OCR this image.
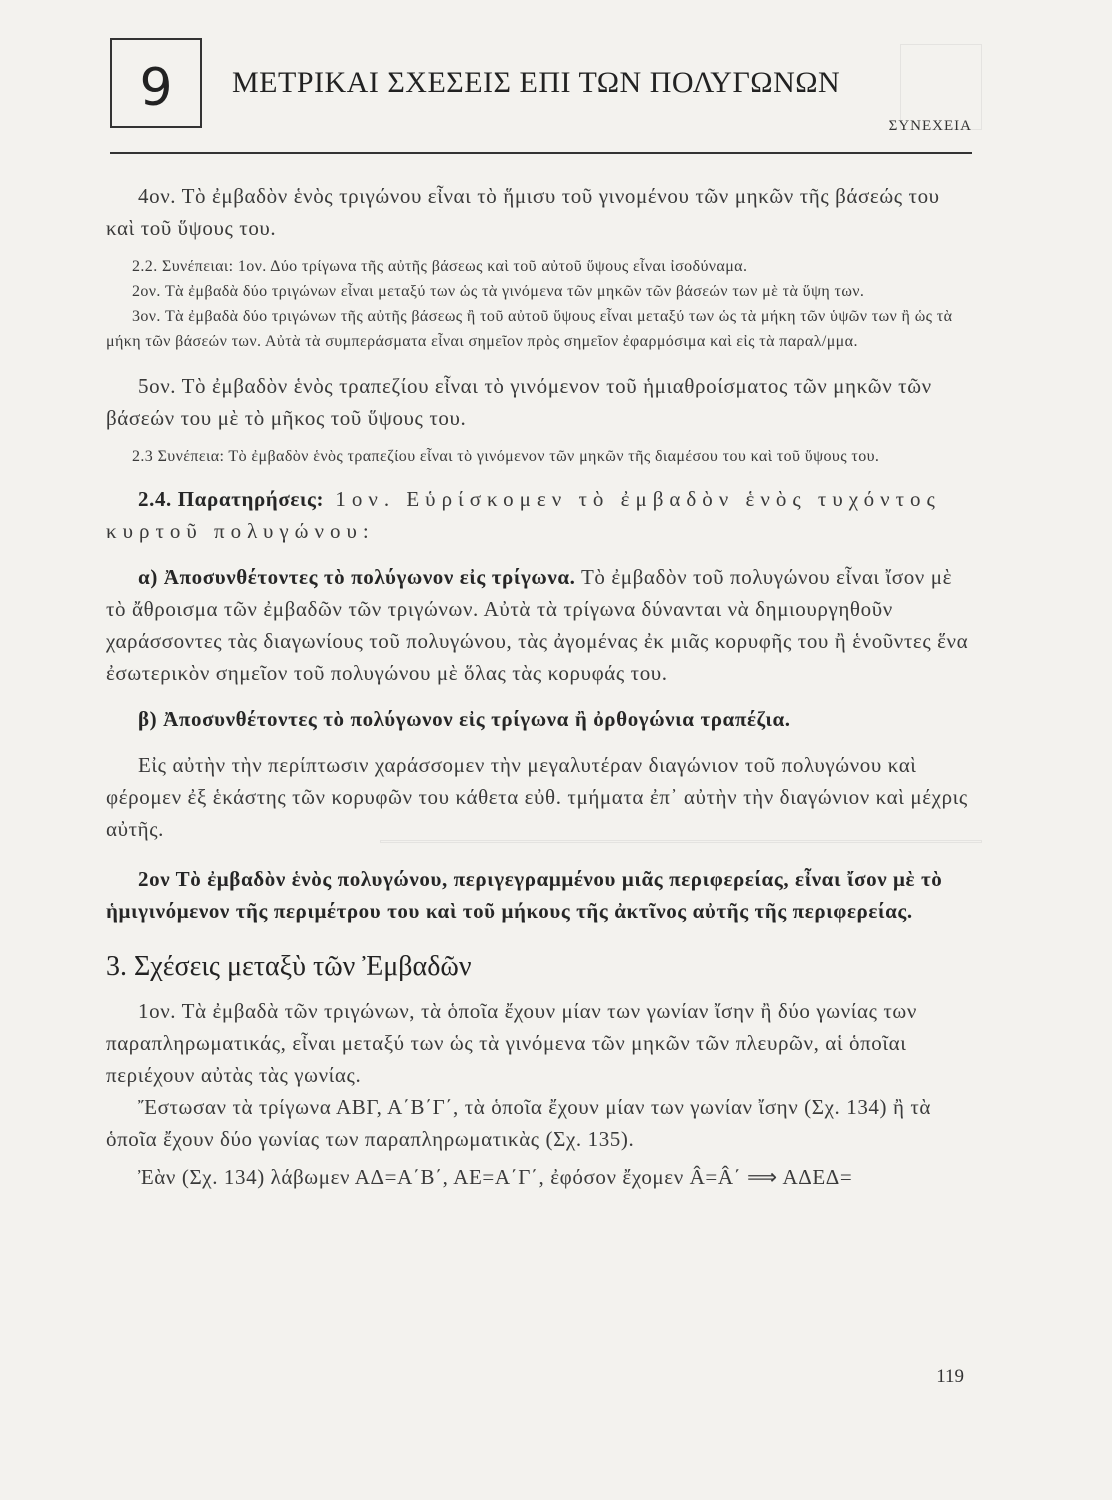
9	ΜΕΤΡΙΚΑΙ ΣΧΕΣΕΙΣ ΕΠΙ ΤΩΝ ΠΟΛΥΓΩΝΩΝ
ΣΥΝΕΧΕΙΑ

4ον. Τὸ ἐμβαδὸν ἑνὸς τριγώνου εἶναι τὸ ἥμισυ τοῦ γινομένου τῶν μηκῶν τῆς βάσεώς του καὶ τοῦ ὕψους του.

2.2. Συνέπειαι: 1ον. Δύο τρίγωνα τῆς αὐτῆς βάσεως καὶ τοῦ αὐτοῦ ὕψους εἶναι ἰσοδύναμα.

2ον. Τὰ ἐμβαδὰ δύο τριγώνων εἶναι μεταξύ των ὡς τὰ γινόμενα τῶν μηκῶν τῶν βάσεών των μὲ τὰ ὕψη των.

3ον. Τὰ ἐμβαδὰ δύο τριγώνων τῆς αὐτῆς βάσεως ἢ τοῦ αὐτοῦ ὕψους εἶναι μεταξύ των ὡς τὰ μήκη τῶν ὑψῶν των ἢ ὡς τὰ μήκη τῶν βάσεών των. Αὐτὰ τὰ συμπεράσματα εἶναι σημεῖον πρὸς σημεῖον ἐφαρμόσιμα καὶ εἰς τὰ παραλ/μμα.

5ον. Τὸ ἐμβαδὸν ἑνὸς τραπεζίου εἶναι τὸ γινόμενον τοῦ ἡμιαθροίσματος τῶν μηκῶν τῶν βάσεών του μὲ τὸ μῆκος τοῦ ὕψους του.

2.3 Συνέπεια: Τὸ ἐμβαδὸν ἑνὸς τραπεζίου εἶναι τὸ γινόμενον τῶν μηκῶν τῆς διαμέσου του καὶ τοῦ ὕψους του.

2.4. Παρατηρήσεις: 1ον. Εὑρίσκομεν τὸ ἐμβαδὸν ἑνὸς τυχόντος κυρτοῦ πολυγώνου:

α) Ἀποσυνθέτοντες τὸ πολύγωνον εἰς τρίγωνα. Τὸ ἐμβαδὸν τοῦ πολυγώνου εἶναι ἴσον μὲ τὸ ἄθροισμα τῶν ἐμβαδῶν τῶν τριγώνων. Αὐτὰ τὰ τρίγωνα δύνανται νὰ δημιουργηθοῦν χαράσσοντες τὰς διαγωνίους τοῦ πολυγώνου, τὰς ἀγομένας ἐκ μιᾶς κορυφῆς του ἢ ἑνοῦντες ἕνα ἐσωτερικὸν σημεῖον τοῦ πολυγώνου μὲ ὅλας τὰς κορυφάς του.

β) Ἀποσυνθέτοντες τὸ πολύγωνον εἰς τρίγωνα ἢ ὀρθογώνια τραπέζια.

Εἰς αὐτὴν τὴν περίπτωσιν χαράσσομεν τὴν μεγαλυτέραν διαγώνιον τοῦ πολυγώνου καὶ φέρομεν ἐξ ἑκάστης τῶν κορυφῶν του κάθετα εὐθ. τμήματα ἐπ᾽ αὐτὴν τὴν διαγώνιον καὶ μέχρις αὐτῆς.

2ον Τὸ ἐμβαδὸν ἑνὸς πολυγώνου, περιγεγραμμένου μιᾶς περιφερείας, εἶναι ἴσον μὲ τὸ ἡμιγινόμενον τῆς περιμέτρου του καὶ τοῦ μήκους τῆς ἀκτῖνος αὐτῆς τῆς περιφερείας.

3. Σχέσεις μεταξὺ τῶν Ἐμβαδῶν

1ον. Τὰ ἐμβαδὰ τῶν τριγώνων, τὰ ὁποῖα ἔχουν μίαν των γωνίαν ἴσην ἢ δύο γωνίας των παραπληρωματικάς, εἶναι μεταξύ των ὡς τὰ γινόμενα τῶν μηκῶν τῶν πλευρῶν, αἱ ὁποῖαι περιέχουν αὐτὰς τὰς γωνίας.

Ἔστωσαν τὰ τρίγωνα ΑΒΓ, Α΄Β΄Γ΄, τὰ ὁποῖα ἔχουν μίαν των γωνίαν ἴσην (Σχ. 134) ἢ τὰ ὁποῖα ἔχουν δύο γωνίας των παραπληρωματικὰς (Σχ. 135).

Ἐὰν (Σχ. 134) λάβωμεν ΑΔ=Α΄Β΄, ΑΕ=Α΄Γ΄, ἐφόσον ἔχομεν Â=Â΄ ⟹ ΑΔΕΔ=

119
